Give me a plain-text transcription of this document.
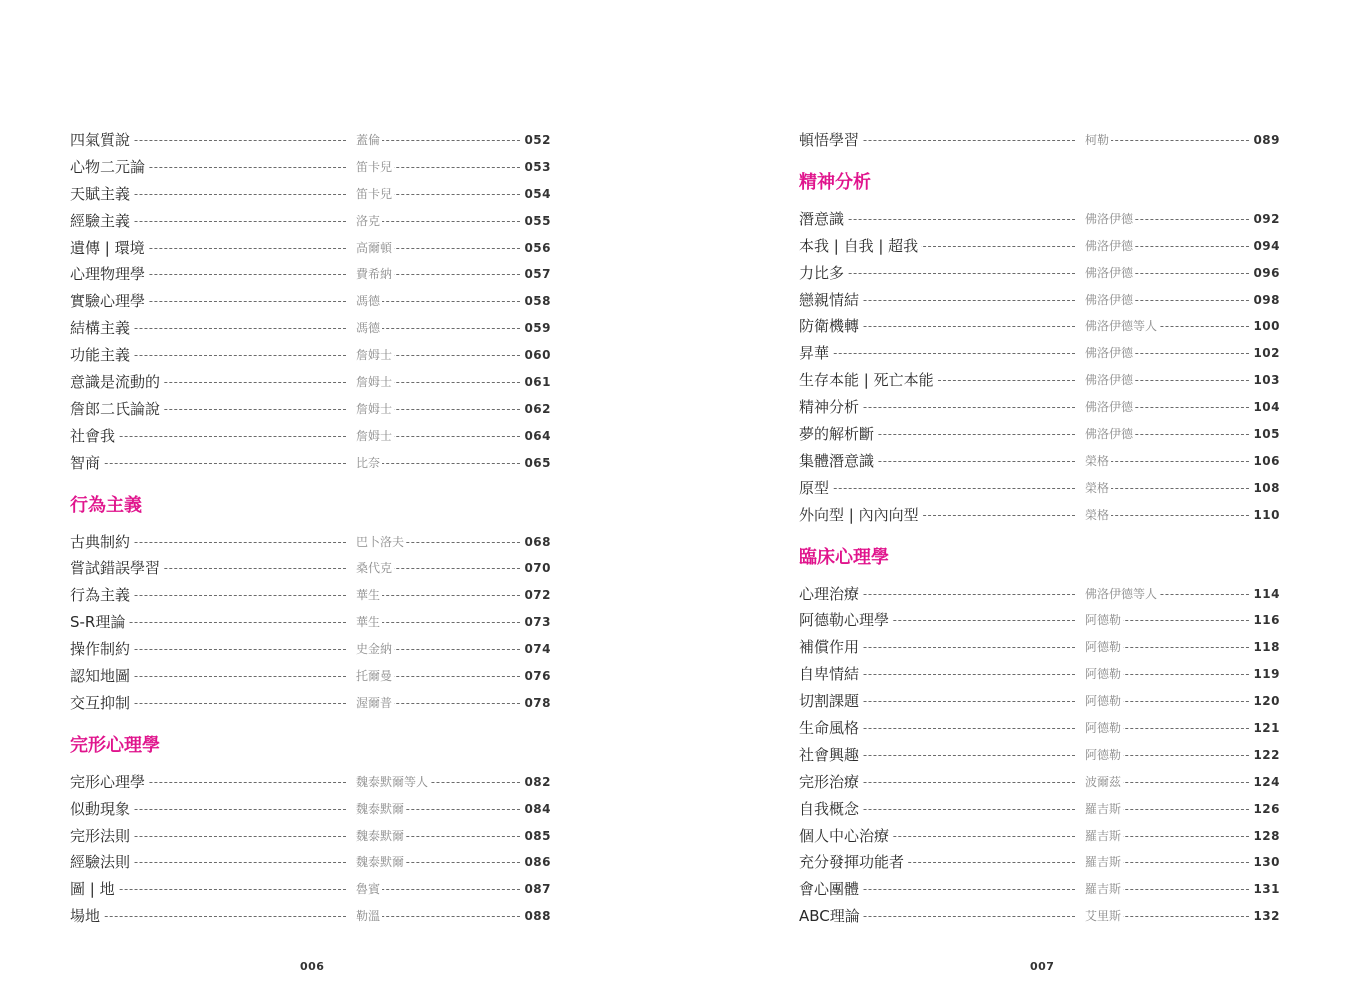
四氣質說	蓋倫	052
心物二元論	笛卡兒	053
天賦主義	笛卡兒	054
經驗主義	洛克	055
遺傳 | 環境	高爾頓	056
心理物理學	費希納	057
實驗心理學	馮德	058
結構主義	馮德	059
功能主義	詹姆士	060
意識是流動的	詹姆士	061
詹郎二氏論說	詹姆士	062
社會我	詹姆士	064
智商	比奈	065
行為主義
古典制約	巴卜洛夫	068
嘗試錯誤學習	桑代克	070
行為主義	華生	072
S-R理論	華生	073
操作制約	史金納	074
認知地圖	托爾曼	076
交互抑制	渥爾普	078
完形心理學
完形心理學	魏泰默爾等人	082
似動現象	魏泰默爾	084
完形法則	魏泰默爾	085
經驗法則	魏泰默爾	086
圖 | 地	魯賓	087
場地	勒溫	088
頓悟學習	柯勒	089
精神分析
潛意識	佛洛伊德	092
本我 | 自我 | 超我	佛洛伊德	094
力比多	佛洛伊德	096
戀親情結	佛洛伊德	098
防衛機轉	佛洛伊德等人	100
昇華	佛洛伊德	102
生存本能 | 死亡本能	佛洛伊德	103
精神分析	佛洛伊德	104
夢的解析斷	佛洛伊德	105
集體潛意識	榮格	106
原型	榮格	108
外向型 | 內內向型	榮格	110
臨床心理學
心理治療	佛洛伊德等人	114
阿德勒心理學	阿德勒	116
補償作用	阿德勒	118
自卑情結	阿德勒	119
切割課題	阿德勒	120
生命風格	阿德勒	121
社會興趣	阿德勒	122
完形治療	波爾茲	124
自我概念	羅吉斯	126
個人中心治療	羅吉斯	128
充分發揮功能者	羅吉斯	130
會心團體	羅吉斯	131
ABC理論	艾里斯	132
006	007
